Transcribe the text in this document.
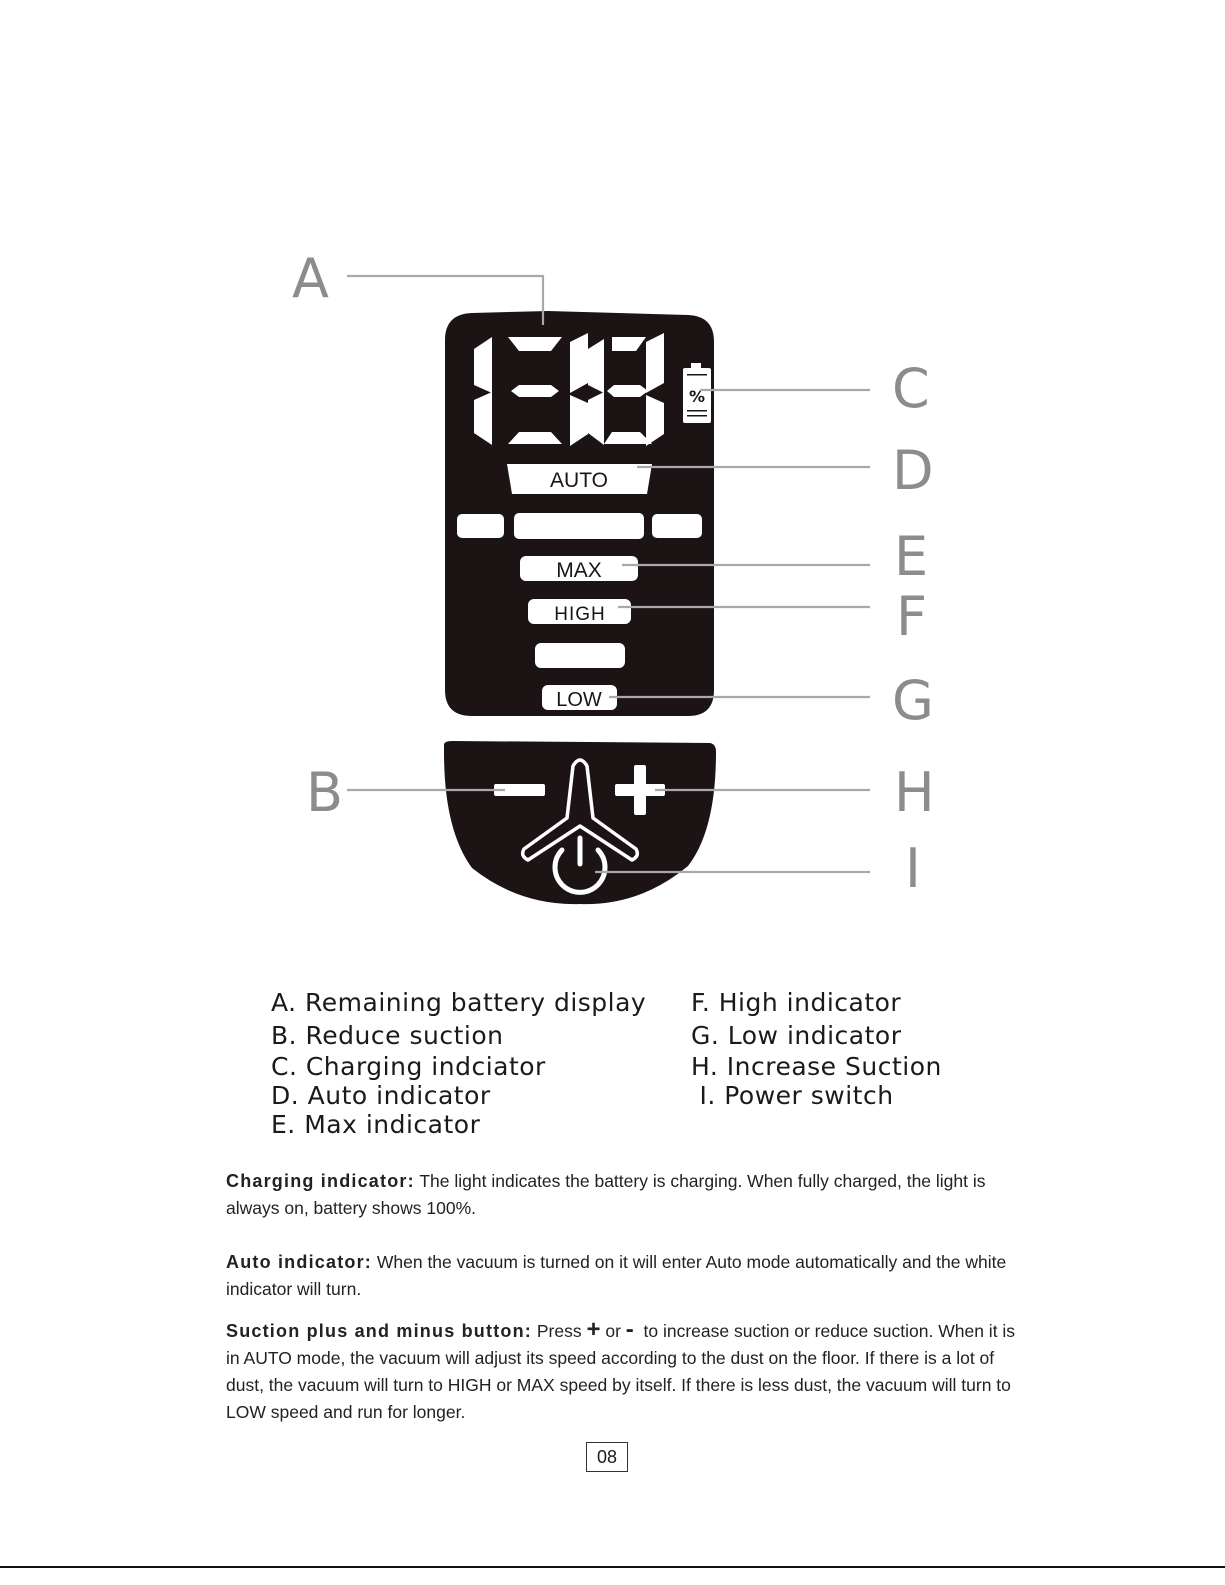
A
B
C
D
E
F
G
H
I
%
AUTO
MAX
HIGH
LOW
A. Remaining battery display
B. Reduce suction
C. Charging indciator
D. Auto indicator
E. Max indicator
F. High indicator
G. Low indicator
H. Increase Suction
I. Power switch

Charging indicator: The light indicates the battery is charging. When fully charged, the light is always on, battery shows 100%.

Auto indicator: When the vacuum is turned on it will enter Auto mode automatically and the white indicator will turn.

Suction plus and minus button: Press + or -  to increase suction or reduce suction. When it is in AUTO mode, the vacuum will adjust its speed according to the dust on the floor. If there is a lot of dust, the vacuum will turn to HIGH or MAX speed by itself. If there is less dust, the vacuum will turn to LOW speed and run for longer.

08
